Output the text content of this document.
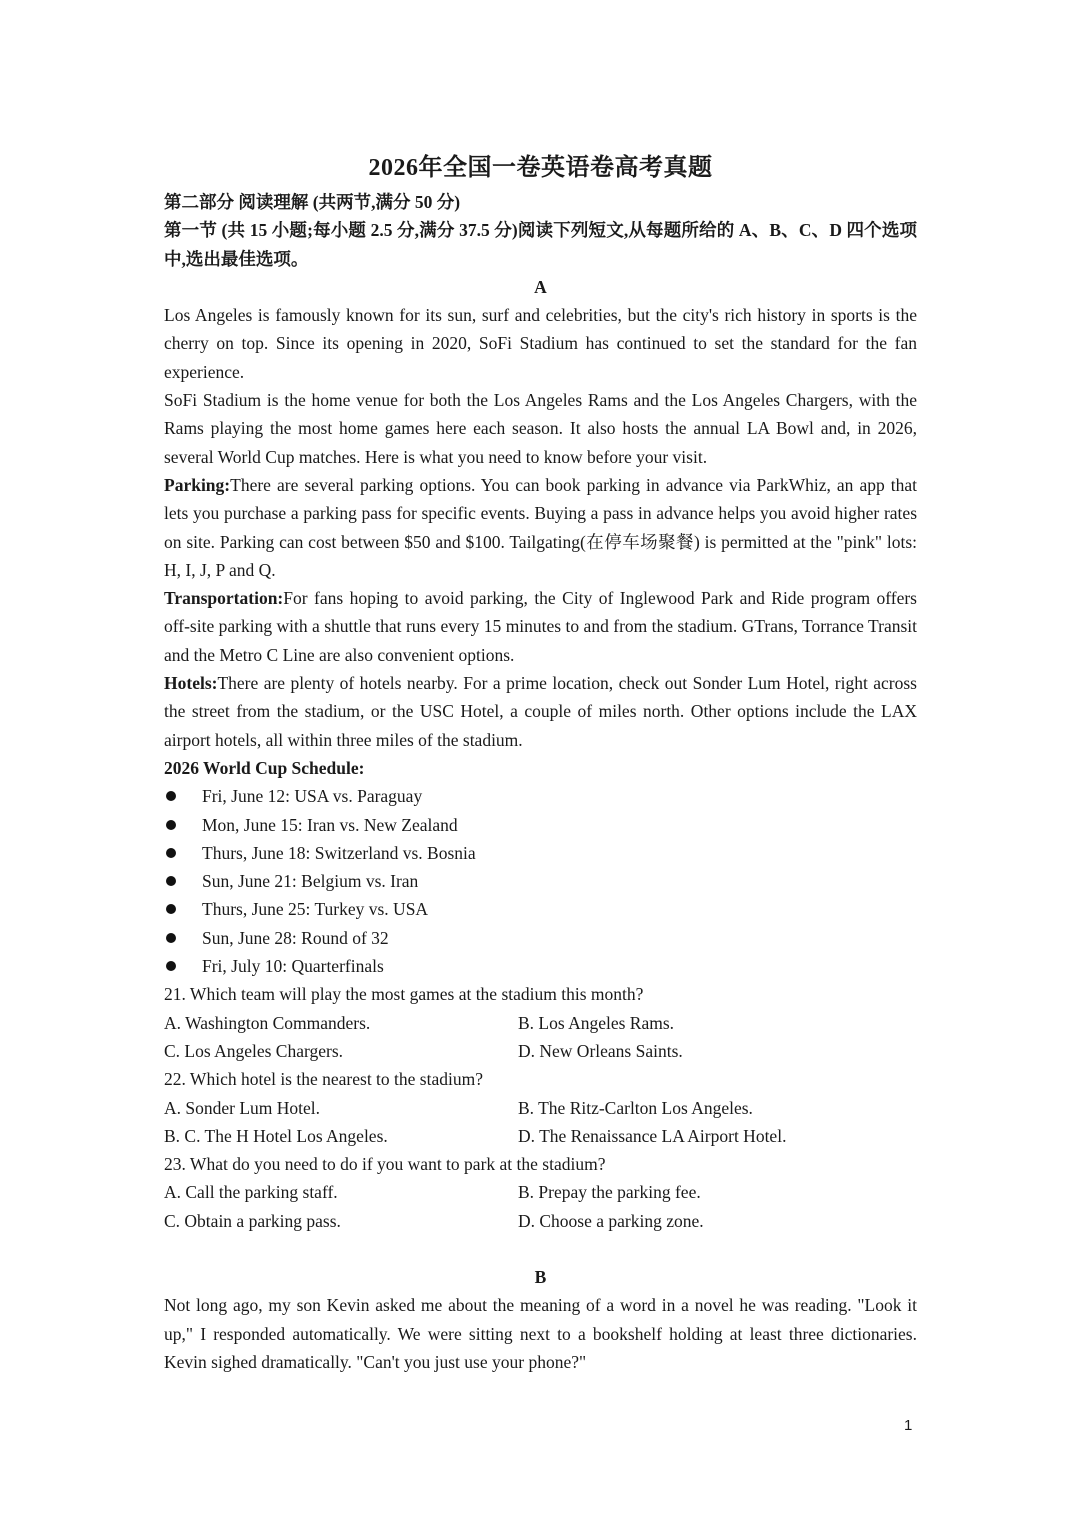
2026年全国一卷英语卷高考真题

第二部分 阅读理解 (共两节,满分 50 分)

第一节 (共 15 小题;每小题 2.5 分,满分 37.5 分)阅读下列短文,从每题所给的 A、B、C、D 四个选项中,选出最佳选项。

A

Los Angeles is famously known for its sun, surf and celebrities, but the city's rich history in sports is the cherry on top. Since its opening in 2020, SoFi Stadium has continued to set the standard for the fan experience.

SoFi Stadium is the home venue for both the Los Angeles Rams and the Los Angeles Chargers, with the Rams playing the most home games here each season. It also hosts the annual LA Bowl and, in 2026, several World Cup matches. Here is what you need to know before your visit.

Parking:There are several parking options. You can book parking in advance via ParkWhiz, an app that lets you purchase a parking pass for specific events. Buying a pass in advance helps you avoid higher rates on site. Parking can cost between $50 and $100. Tailgating(在停车场聚餐) is permitted at the "pink" lots: H, I, J, P and Q.

Transportation:For fans hoping to avoid parking, the City of Inglewood Park and Ride program offers off-site parking with a shuttle that runs every 15 minutes to and from the stadium. GTrans, Torrance Transit and the Metro C Line are also convenient options.

Hotels:There are plenty of hotels nearby. For a prime location, check out Sonder Lum Hotel, right across the street from the stadium, or the USC Hotel, a couple of miles north. Other options include the LAX airport hotels, all within three miles of the stadium.

2026 World Cup Schedule:

Fri, June 12: USA vs. Paraguay
Mon, June 15: Iran vs. New Zealand
Thurs, June 18: Switzerland vs. Bosnia
Sun, June 21: Belgium vs. Iran
Thurs, June 25: Turkey vs. USA
Sun, June 28: Round of 32
Fri, July 10: Quarterfinals

21. Which team will play the most games at the stadium this month?

A. Washington Commanders.	B. Los Angeles Rams.
C. Los Angeles Chargers.	D. New Orleans Saints.

22. Which hotel is the nearest to the stadium?

A. Sonder Lum Hotel.	B. The Ritz-Carlton Los Angeles.
B. C. The H Hotel Los Angeles.	D. The Renaissance LA Airport Hotel.

23. What do you need to do if you want to park at the stadium?

A. Call the parking staff.	B. Prepay the parking fee.
C. Obtain a parking pass.	D. Choose a parking zone.

B

Not long ago, my son Kevin asked me about the meaning of a word in a novel he was reading. "Look it up," I responded automatically. We were sitting next to a bookshelf holding at least three dictionaries. Kevin sighed dramatically. "Can't you just use your phone?"

1
